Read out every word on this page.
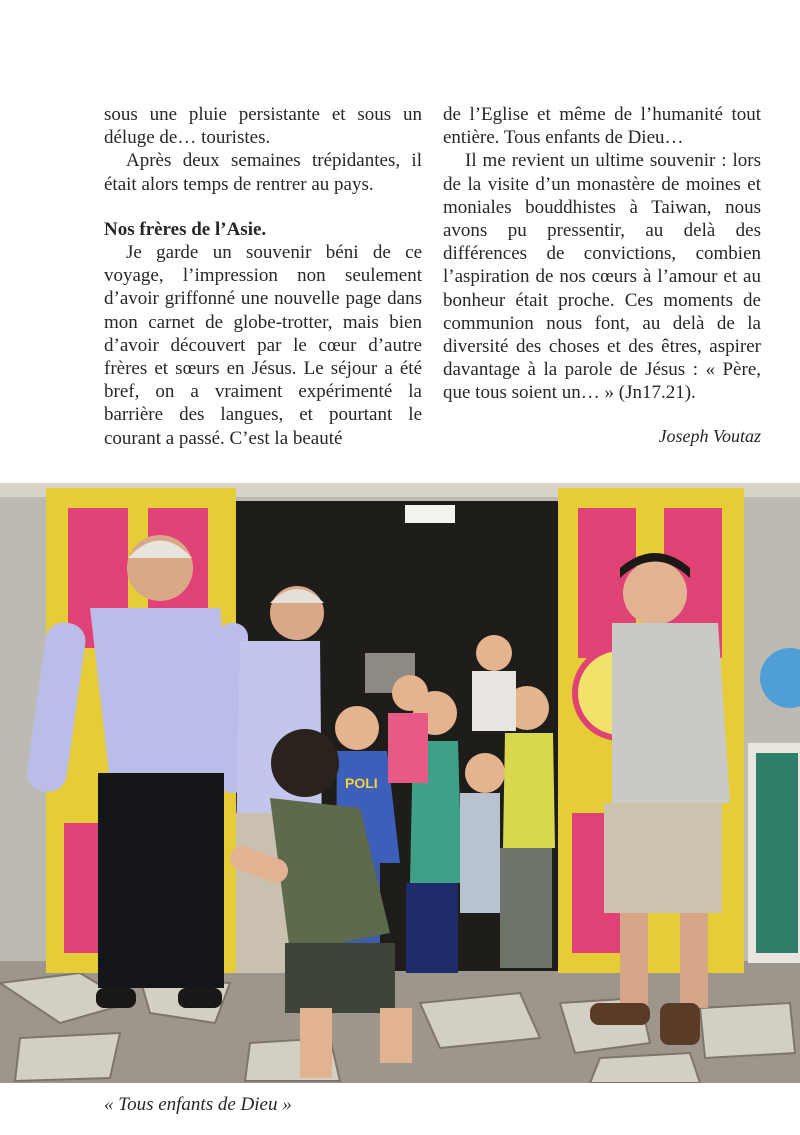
sous une pluie persistante et sous un déluge de… touristes.

Après deux semaines trépidantes, il était alors temps de rentrer au pays.

Nos frères de l’Asie.

Je garde un souvenir béni de ce voyage, l’impression non seulement d’avoir griffonné une nouvelle page dans mon carnet de globe-trotter, mais bien d’avoir découvert par le cœur d’autre frères et sœurs en Jésus. Le séjour a été bref, on a vraiment expérimenté la barrière des langues, et pourtant le courant a passé. C’est la beauté

de l’Eglise et même de l’humanité tout entière. Tous enfants de Dieu…

Il me revient un ultime souvenir : lors de la visite d’un monastère de moines et moniales bouddhistes à Taiwan, nous avons pu pressentir, au delà des différences de convictions, combien l’aspiration de nos cœurs à l’amour et au bonheur était proche. Ces moments de communion nous font, au delà de la diversité des choses et des êtres, aspirer davantage à la parole de Jésus : « Père, que tous soient un… » (Jn17.21).

Joseph Voutaz

POLI
« Tous enfants de Dieu »
